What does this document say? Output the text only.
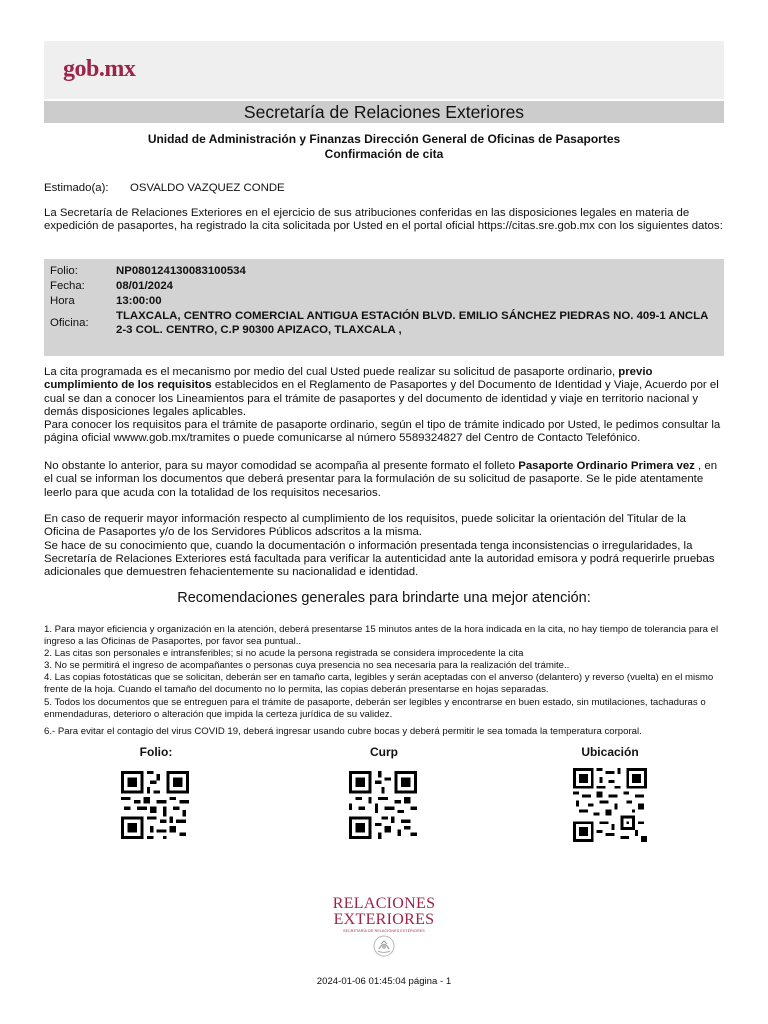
gob.mx
Secretaría de Relaciones Exteriores
Unidad de Administración y Finanzas Dirección General de Oficinas de Pasaportes
Confirmación de cita
Estimado(a): OSVALDO VAZQUEZ CONDE
La Secretaría de Relaciones Exteriores en el ejercicio de sus atribuciones conferidas en las disposiciones legales en materia de expedición de pasaportes, ha registrado la cita solicitada por Usted en el portal oficial https://citas.sre.gob.mx con los siguientes datos:
Folio:	NP080124130083100534
Fecha:	08/01/2024
Hora	13:00:00
Oficina:
TLAXCALA, CENTRO COMERCIAL ANTIGUA ESTACIÓN BLVD. EMILIO SÁNCHEZ PIEDRAS NO. 409-1 ANCLA 2-3 COL. CENTRO, C.P 90300 APIZACO, TLAXCALA ,
La cita programada es el mecanismo por medio del cual Usted puede realizar su solicitud de pasaporte ordinario, previo cumplimiento de los requisitos establecidos en el Reglamento de Pasaportes y del Documento de Identidad y Viaje, Acuerdo por el cual se dan a conocer los Lineamientos para el trámite de pasaportes y del documento de identidad y viaje en territorio nacional y demás disposiciones legales aplicables.
Para conocer los requisitos para el trámite de pasaporte ordinario, según el tipo de trámite indicado por Usted, le pedimos consultar la página oficial wwww.gob.mx/tramites o puede comunicarse al número 5589324827 del Centro de Contacto Telefónico.
No obstante lo anterior, para su mayor comodidad se acompaña al presente formato el folleto Pasaporte Ordinario Primera vez , en el cual se informan los documentos que deberá presentar para la formulación de su solicitud de pasaporte. Se le pide atentamente leerlo para que acuda con la totalidad de los requisitos necesarios.
En caso de requerir mayor información respecto al cumplimiento de los requisitos, puede solicitar la orientación del Titular de la Oficina de Pasaportes y/o de los Servidores Públicos adscritos a la misma.
Se hace de su conocimiento que, cuando la documentación o información presentada tenga inconsistencias o irregularidades, la Secretaría de Relaciones Exteriores está facultada para verificar la autenticidad ante la autoridad emisora y podrá requerirle pruebas adicionales que demuestren fehacientemente su nacionalidad e identidad.
Recomendaciones generales para brindarte una mejor atención:
1. Para mayor eficiencia y organización en la atención, deberá presentarse 15 minutos antes de la hora indicada en la cita, no hay tiempo de tolerancia para el ingreso a las Oficinas de Pasaportes, por favor sea puntual..
2. Las citas son personales e intransferibles; si no acude la persona registrada se considera improcedente la cita
3. No se permitirá el ingreso de acompañantes o personas cuya presencia no sea necesaria para la realización del trámite..
4. Las copias fotostáticas que se solicitan, deberán ser en tamaño carta, legibles y serán aceptadas con el anverso (delantero) y reverso (vuelta) en el mismo frente de la hoja. Cuando el tamaño del documento no lo permita, las copias deberán presentarse en hojas separadas.
5. Todos los documentos que se entreguen para el trámite de pasaporte, deberán ser legibles y encontrarse en buen estado, sin mutilaciones, tachaduras o enmendaduras, deterioro o alteración que impida la certeza jurídica de su validez.
6.- Para evitar el contagio del virus COVID 19, deberá ingresar usando cubre bocas y deberá permitir le sea tomada la temperatura corporal.
Folio:	Curp	Ubicación
RELACIONES
EXTERIORES
SECRETARÍA DE RELACIONES EXTERIORES
2024-01-06 01:45:04 página - 1
